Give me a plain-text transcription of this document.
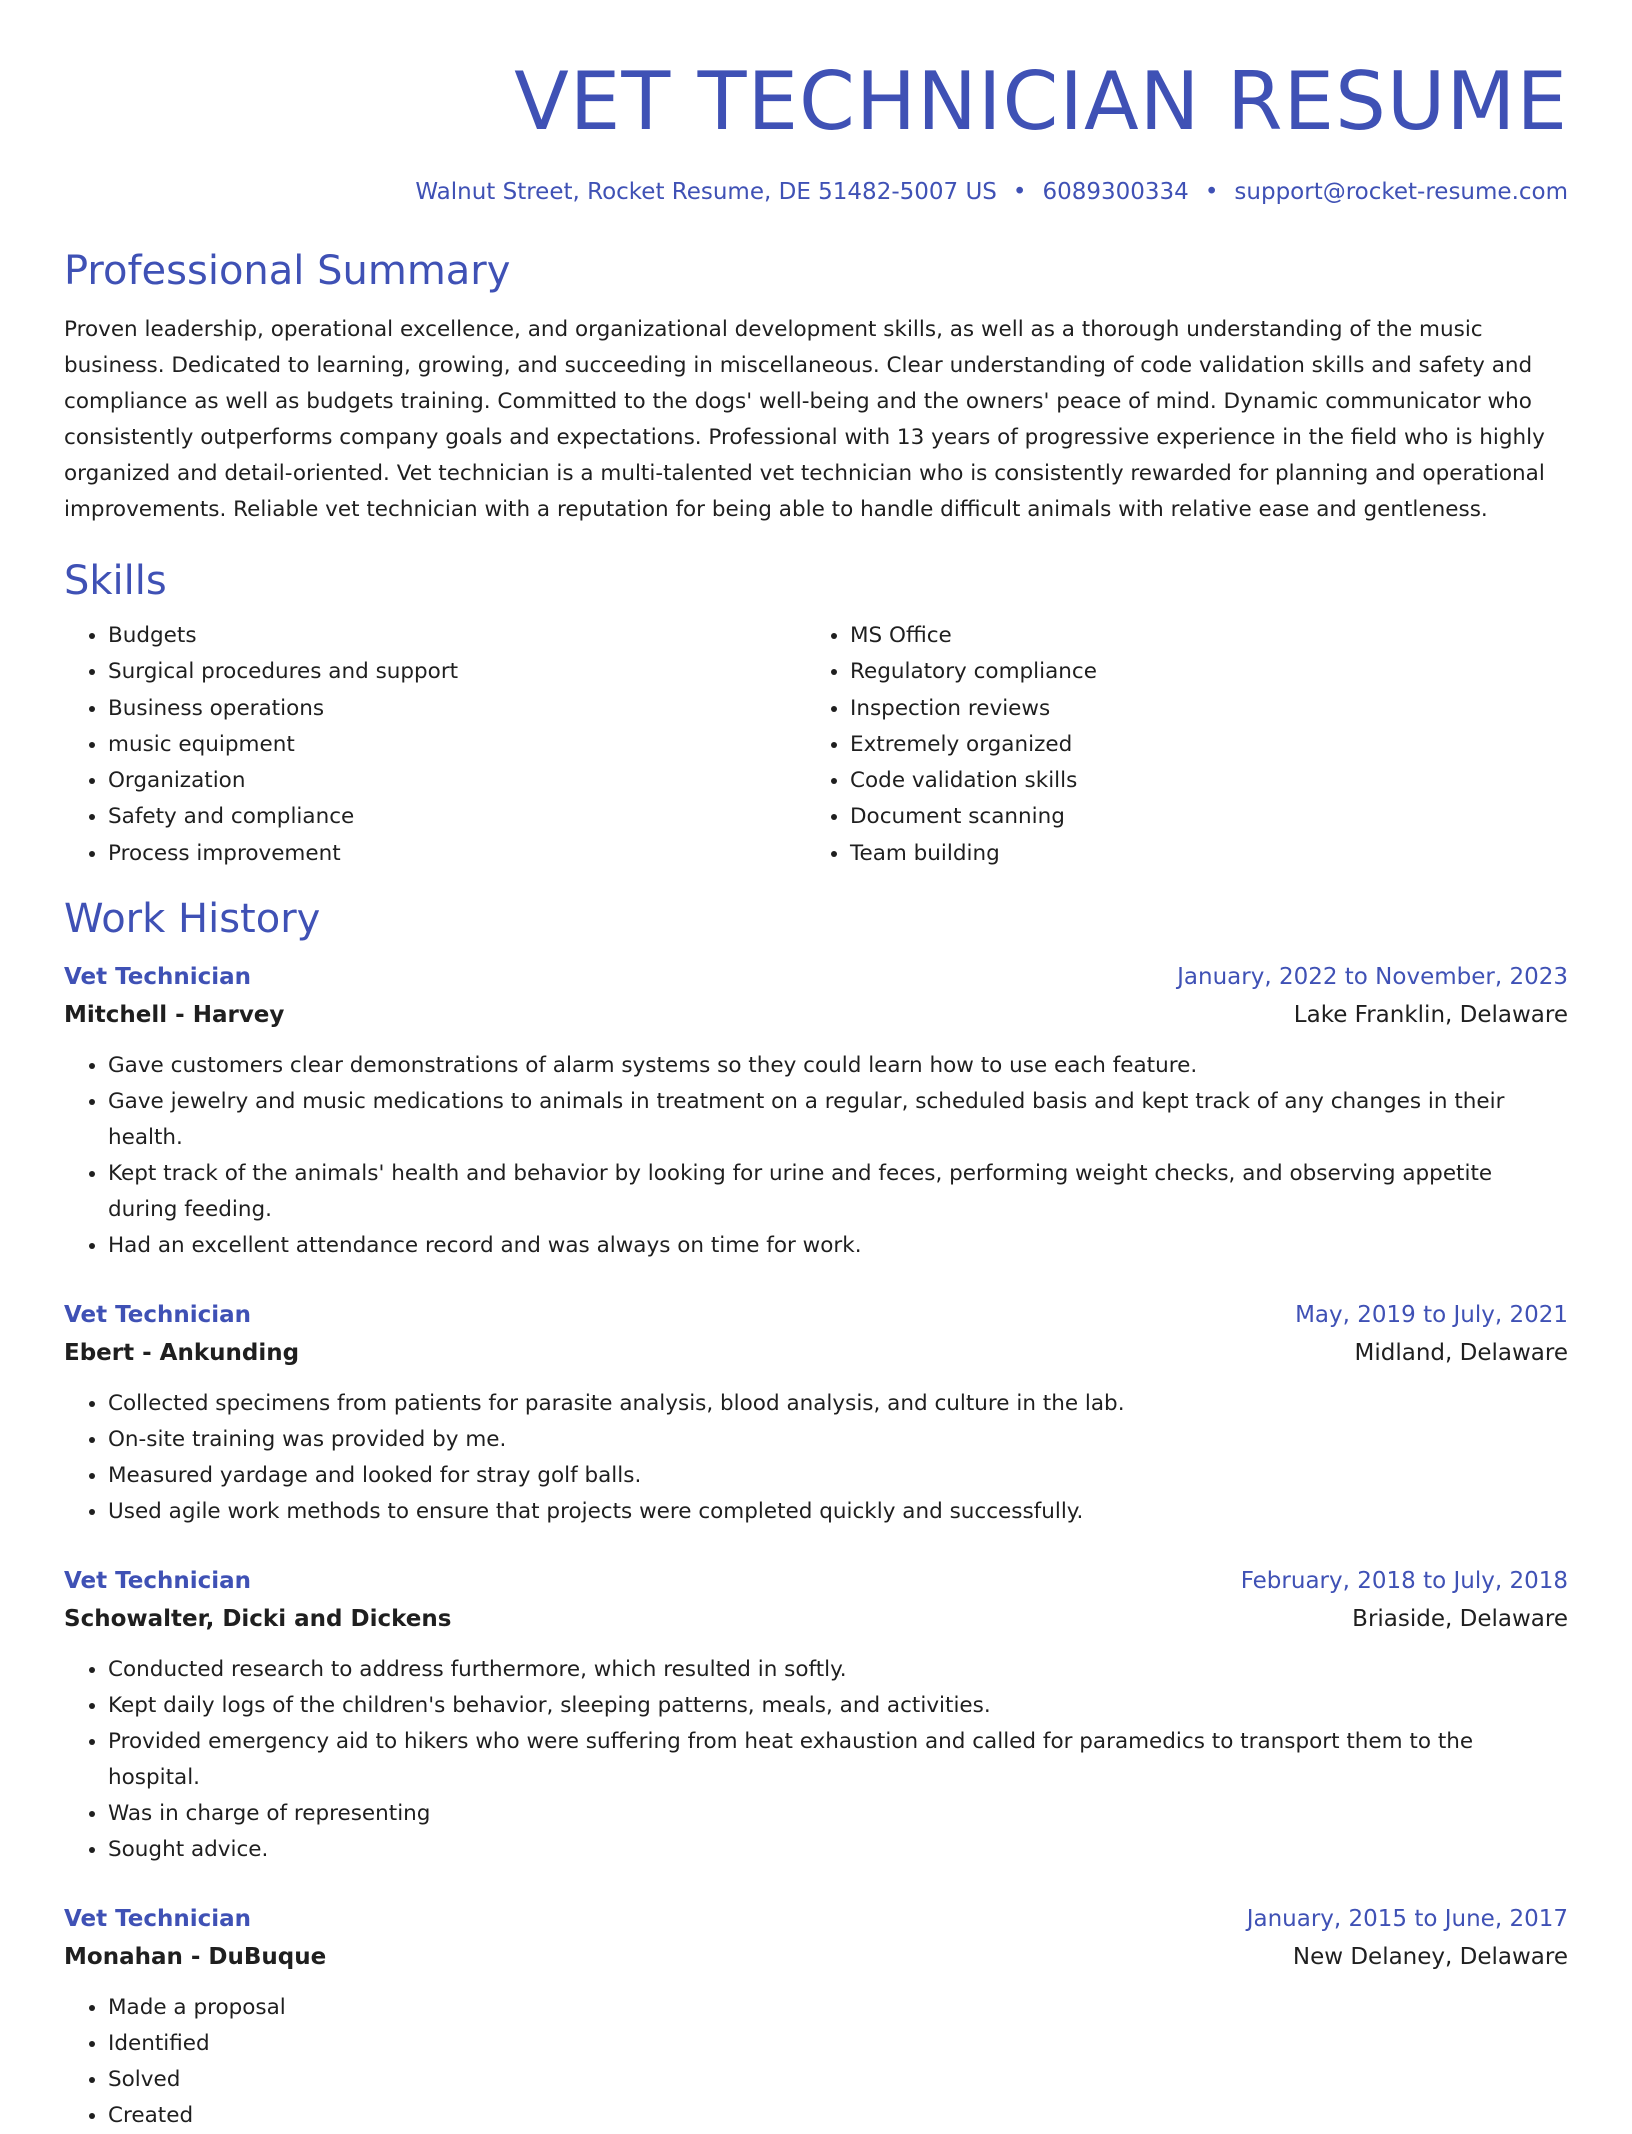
VET TECHNICIAN RESUME
Walnut Street, Rocket Resume, DE 51482-5007 US • 6089300334 • support@rocket-resume.com
Professional Summary

Proven leadership, operational excellence, and organizational development skills, as well as a thorough understanding of the music business. Dedicated to learning, growing, and succeeding in miscellaneous. Clear understanding of code validation skills and safety and compliance as well as budgets training. Committed to the dogs' well-being and the owners' peace of mind. Dynamic communicator who consistently outperforms company goals and expectations. Professional with 13 years of progressive experience in the field who is highly organized and detail-oriented. Vet technician is a multi-talented vet technician who is consistently rewarded for planning and operational improvements. Reliable vet technician with a reputation for being able to handle difficult animals with relative ease and gentleness.

Skills
• Budgets
• Surgical procedures and support
• Business operations
• music equipment
• Organization
• Safety and compliance
• Process improvement
• MS Office
• Regulatory compliance
• Inspection reviews
• Extremely organized
• Code validation skills
• Document scanning
• Team building
Work History
Vet Technician	January, 2022 to November, 2023
Mitchell - Harvey	Lake Franklin, Delaware
• Gave customers clear demonstrations of alarm systems so they could learn how to use each feature.
• Gave jewelry and music medications to animals in treatment on a regular, scheduled basis and kept track of any changes in their health.
• Kept track of the animals' health and behavior by looking for urine and feces, performing weight checks, and observing appetite during feeding.
• Had an excellent attendance record and was always on time for work.
Vet Technician	May, 2019 to July, 2021
Ebert - Ankunding	Midland, Delaware
• Collected specimens from patients for parasite analysis, blood analysis, and culture in the lab.
• On-site training was provided by me.
• Measured yardage and looked for stray golf balls.
• Used agile work methods to ensure that projects were completed quickly and successfully.
Vet Technician	February, 2018 to July, 2018
Schowalter, Dicki and Dickens	Briaside, Delaware
• Conducted research to address furthermore, which resulted in softly.
• Kept daily logs of the children's behavior, sleeping patterns, meals, and activities.
• Provided emergency aid to hikers who were suffering from heat exhaustion and called for paramedics to transport them to the hospital.
• Was in charge of representing
• Sought advice.
Vet Technician	January, 2015 to June, 2017
Monahan - DuBuque	New Delaney, Delaware
• Made a proposal
• Identified
• Solved
• Created
